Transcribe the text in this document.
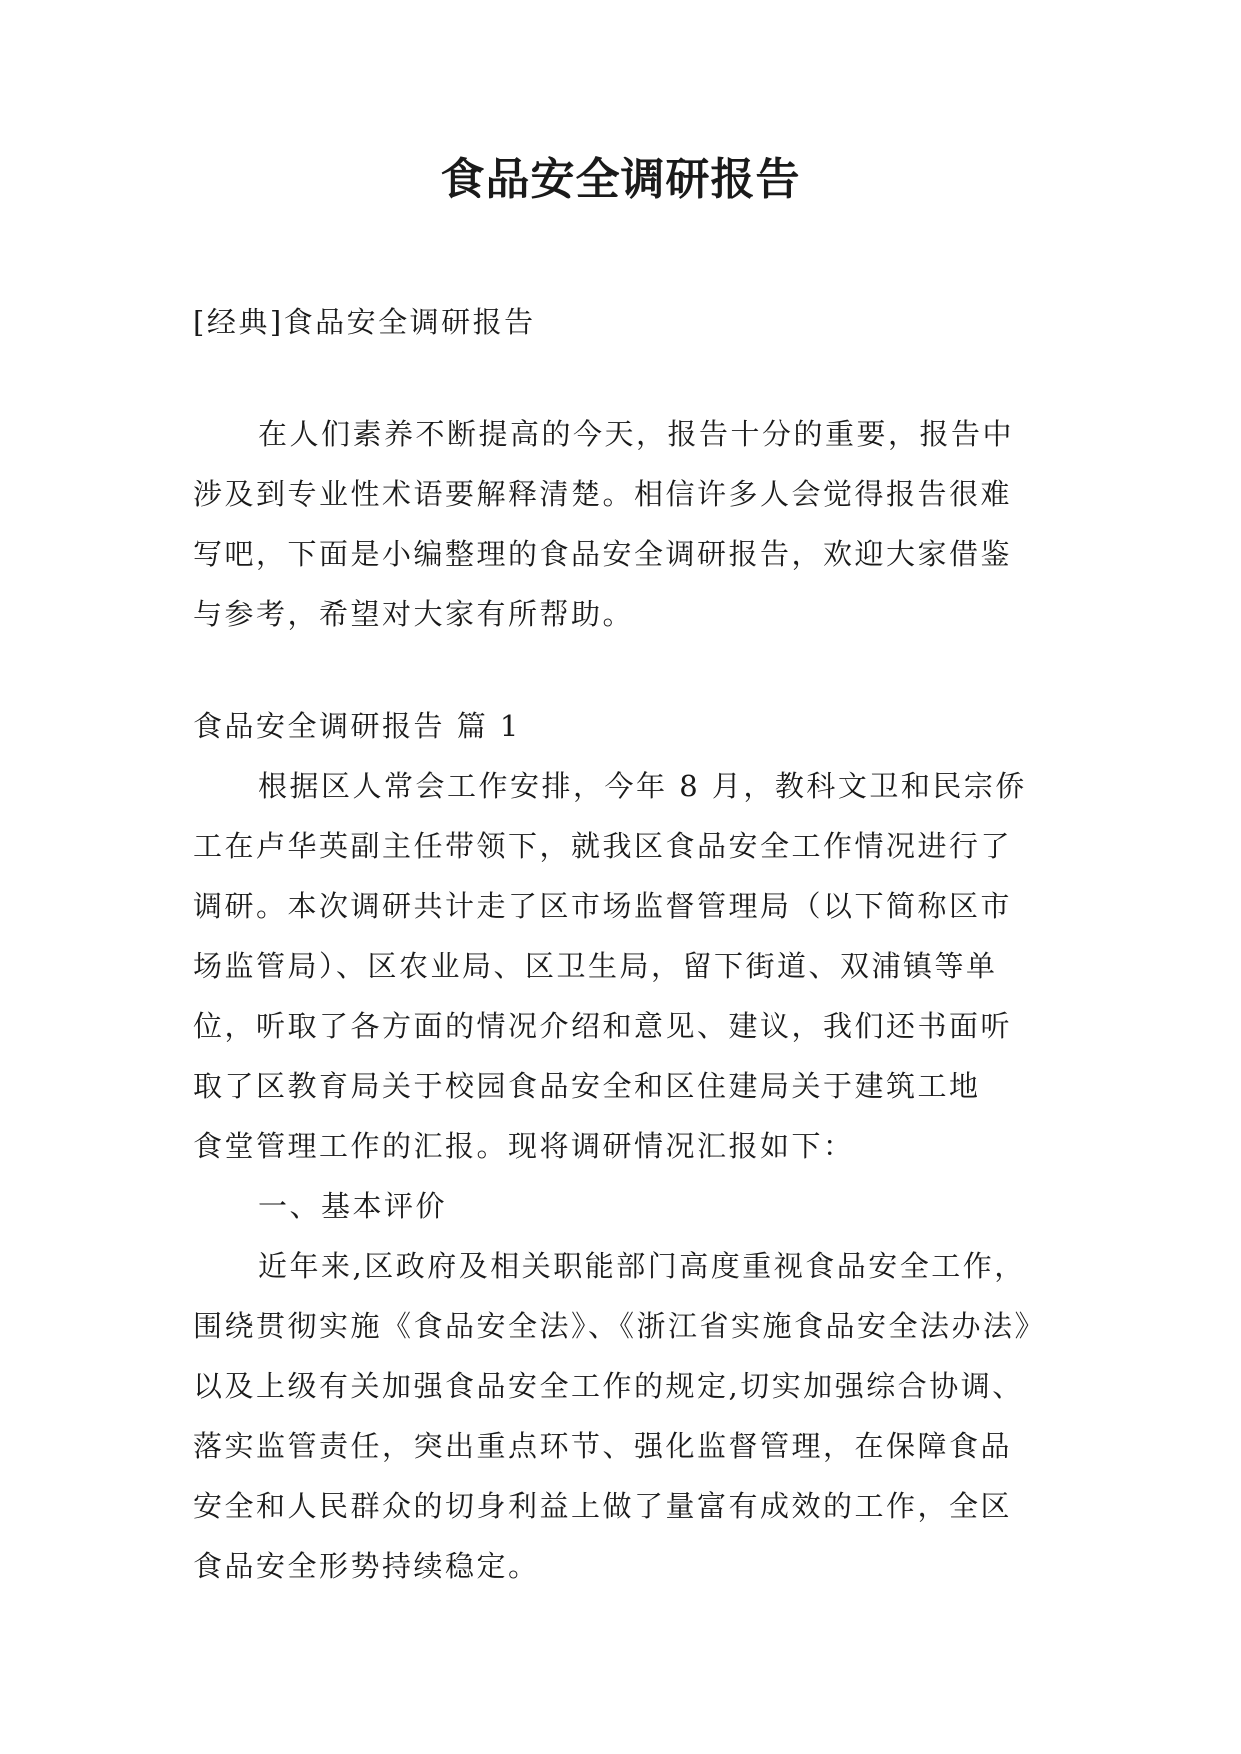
食品安全调研报告

[经典]食品安全调研报告

在人们素养不断提高的今天，报告十分的重要，报告中
涉及到专业性术语要解释清楚。相信许多人会觉得报告很难
写吧，下面是小编整理的食品安全调研报告，欢迎大家借鉴
与参考，希望对大家有所帮助。

食品安全调研报告 篇 1

根据区人常会工作安排，今年 8 月，教科文卫和民宗侨
工在卢华英副主任带领下，就我区食品安全工作情况进行了
调研。本次调研共计走了区市场监督管理局（以下简称区市
场监管局）、区农业局、区卫生局，留下街道、双浦镇等单
位，听取了各方面的情况介绍和意见、建议，我们还书面听
取了区教育局关于校园食品安全和区住建局关于建筑工地
食堂管理工作的汇报。现将调研情况汇报如下：
一、基本评价
近年来,区政府及相关职能部门高度重视食品安全工作，
围绕贯彻实施《食品安全法》、《浙江省实施食品安全法办法》
以及上级有关加强食品安全工作的规定,切实加强综合协调、
落实监管责任，突出重点环节、强化监督管理，在保障食品
安全和人民群众的切身利益上做了量富有成效的工作，全区
食品安全形势持续稳定。
